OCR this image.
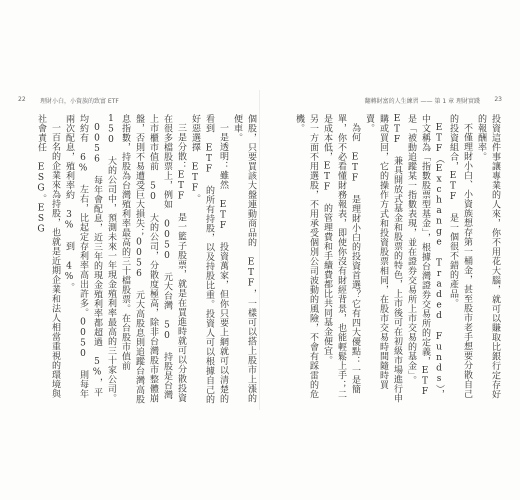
22 理財小白，小資族的致富 ETF

個股，只要買該大盤連動商品的 ETF，一樣可以搭上股市上漲的便車。

一是透明：雖然 ETF 投資萬家，但你只要上網就可以清楚的看到 ETF 的所有持股，以及持股比重。投資人可以根據自己的好惡選擇 ETF。

三是分散：ETF 是一籃子股票，就是在買進時就可以分散投資在很多檔股票上，例如 0050 元大台灣 50 持股是台灣上市櫃市值前 50 大的公司，分散度極高，除非台灣股市整體崩盤，否則不易遭受巨大損失；0056 元大高股息則追蹤台灣高股息指數，持股為台灣殖利率最高的三十檔股票。在台股市值前 150 大的公司中，預測未來一年現金殖利率最高的三十家公司。

0056 每年會配息，近三年的現金殖利率都超過 5%，平均約有 6% 左右，比起定存利率高出許多。0050 則每年兩次配息，殖利率約 3% 到 4%。

一百名的企業來為持股，也就是近期企業和法人相當重視的環境與社會責任 ESG。ESG

翻轉財富的人生練習 —— 第 1 章 理財實踐 23

投資這件事讓專業的人來，你不用花大腦，就可以賺取比銀行定存好的報酬率。

不僅理財小白、小資族想存第一桶金，甚至股市老手想要分散自己的投資組合，ETF 是一個很不錯的產品。

ETF（Exchange Traded Funds），中文稱為「指數股票型基金」，根據台灣證券交易所的定義，ETF 是「被動追蹤某一指數表現，並在證券交易所上市交易的基金」。ETF 兼具開放式基金和股票的特色，上市後可在初級市場進行申購或買回，它的操作方式和投資股票相同，在股市交易時間隨時買賣。

為何 ETF 是理財小白的投資首選？它有四大優點：一是簡單，你不必看懂財務報表，即使你沒有財經背景，也能輕鬆上手；二是成本低，ETF 的管理費和手續費都比共同基金便宜。

另一方面不用選股，不用承受個別公司波動的風險，不會有踩雷的危機。
